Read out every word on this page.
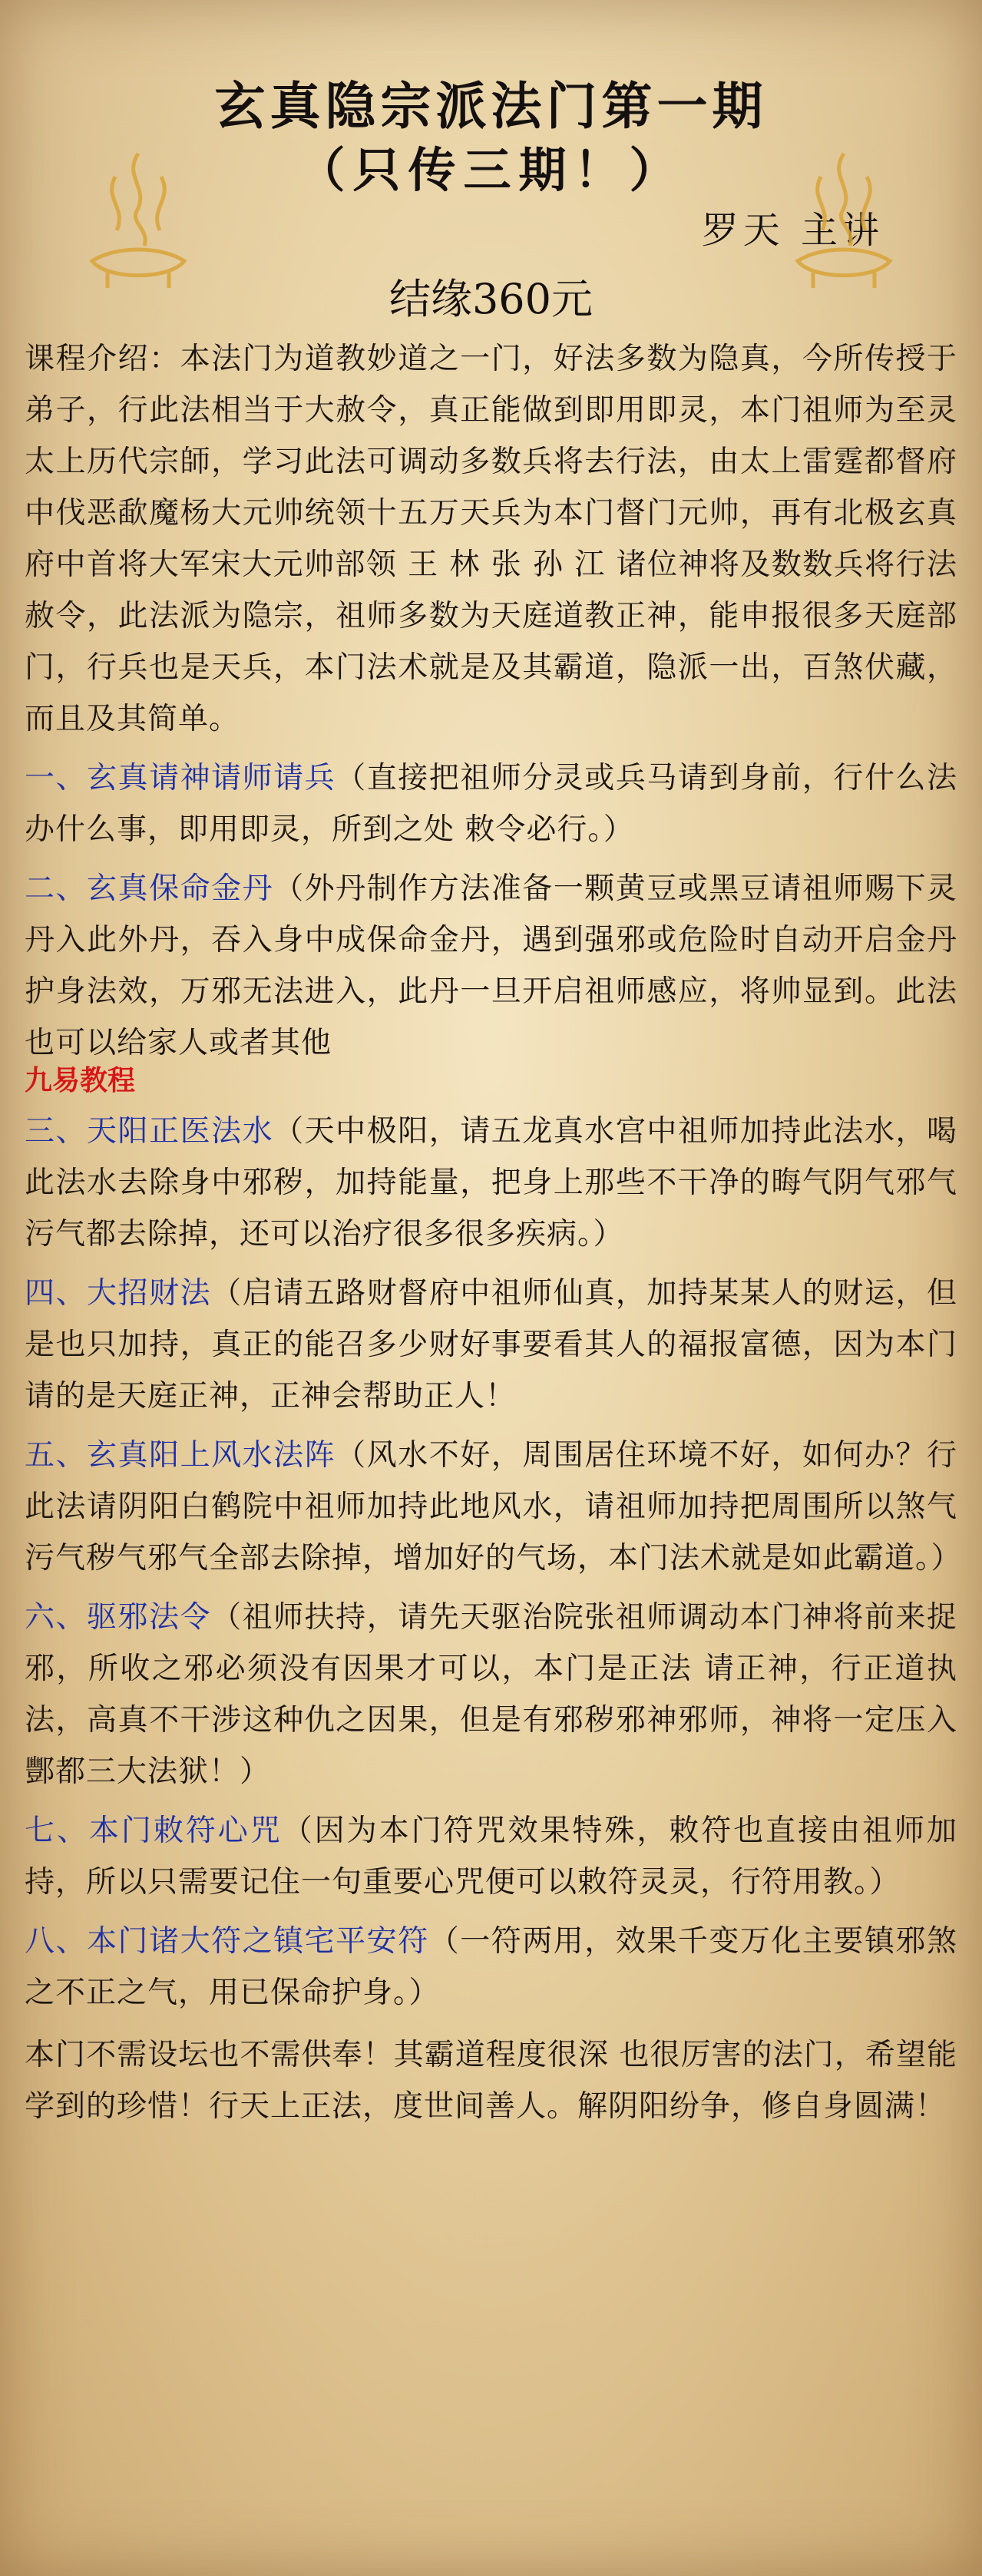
玄真隐宗派法门第一期
（只传三期！）

罗天 主讲

结缘360元

课程介绍：本法门为道教妙道之一门，好法多数为隐真，今所传授于弟子，行此法相当于大赦令，真正能做到即用即灵，本门祖师为至灵太上历代宗師，学习此法可调动多数兵将去行法，由太上雷霆都督府中伐恶歃魔杨大元帅统领十五万天兵为本门督门元帅，再有北极玄真府中首将大军宋大元帅部领 王 林 张 孙 江 诸位神将及数数兵将行法赦令，此法派为隐宗，祖师多数为天庭道教正神，能申报很多天庭部门，行兵也是天兵，本门法术就是及其霸道，隐派一出，百煞伏藏，而且及其简单。

一、玄真请神请师请兵（直接把祖师分灵或兵马请到身前，行什么法办什么事，即用即灵，所到之处 敕令必行。）

二、玄真保命金丹（外丹制作方法准备一颗黄豆或黑豆请祖师赐下灵丹入此外丹，吞入身中成保命金丹，遇到强邪或危险时自动开启金丹护身法效，万邪无法进入，此丹一旦开启祖师感应，将帅显到。此法也可以给家人或者其他

九易教程

三、天阳正医法水（天中极阳，请五龙真水宫中祖师加持此法水，喝此法水去除身中邪秽，加持能量，把身上那些不干净的晦气阴气邪气污气都去除掉，还可以治疗很多很多疾病。）

四、大招财法（启请五路财督府中祖师仙真，加持某某人的财运，但是也只加持，真正的能召多少财好事要看其人的福报富德，因为本门请的是天庭正神，正神会帮助正人！

五、玄真阳上风水法阵（风水不好，周围居住环境不好，如何办？行此法请阴阳白鹤院中祖师加持此地风水，请祖师加持把周围所以煞气污气秽气邪气全部去除掉，增加好的气场，本门法术就是如此霸道。）

六、驱邪法令（祖师扶持，请先天驱治院张祖师调动本门神将前来捉邪，所收之邪必须没有因果才可以，本门是正法 请正神，行正道执法，高真不干涉这种仇之因果，但是有邪秽邪神邪师，神将一定压入酆都三大法狱！）

七、本门敕符心咒（因为本门符咒效果特殊，敕符也直接由祖师加持，所以只需要记住一句重要心咒便可以敕符灵灵，行符用教。）

八、本门诸大符之镇宅平安符（一符两用，效果千变万化主要镇邪煞之不正之气，用已保命护身。）

本门不需设坛也不需供奉！其霸道程度很深 也很厉害的法门，希望能学到的珍惜！行天上正法，度世间善人。解阴阳纷争，修自身圆满！
